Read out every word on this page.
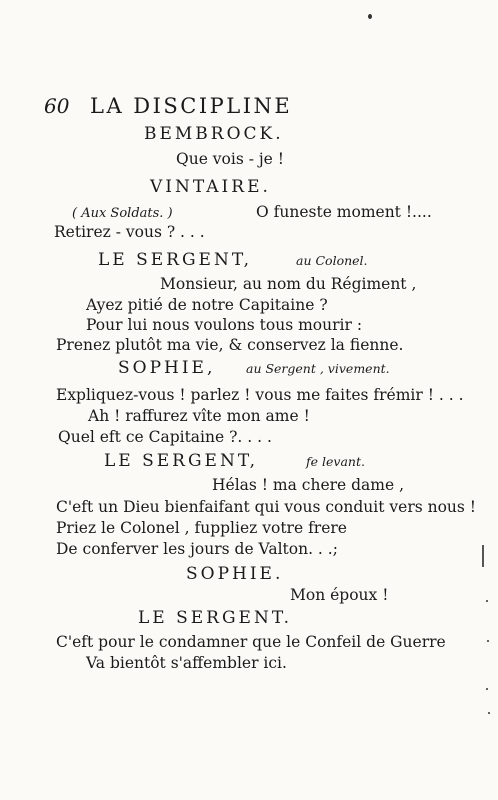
60 LA DISCIPLINE
BEMBROCK.
Que vois - je !
VINTAIRE.
( Aux Soldats. )	O funeste moment !....
Retirez - vous ? . . .
LE SERGENT,	au Colonel.
Monsieur, au nom du Régiment ,
Ayez pitié de notre Capitaine ?
Pour lui nous voulons tous mourir :
Prenez plutôt ma vie, & conservez la fienne.
SOPHIE, au Sergent , vivement.
Expliquez-vous ! parlez ! vous me faites frémir ! . . .
Ah ! raffurez vîte mon ame !
Quel eft ce Capitaine ?. . . .
LE SERGENT,	fe levant.
Hélas ! ma chere dame ,
C'eft un Dieu bienfaifant qui vous conduit vers nous !
Priez le Colonel , fuppliez votre frere
De conferver les jours de Valton. . .;
SOPHIE.
Mon époux !
LE SERGENT.
C'eft pour le condamner que le Confeil de Guerre
Va bientôt s'affembler ici.
